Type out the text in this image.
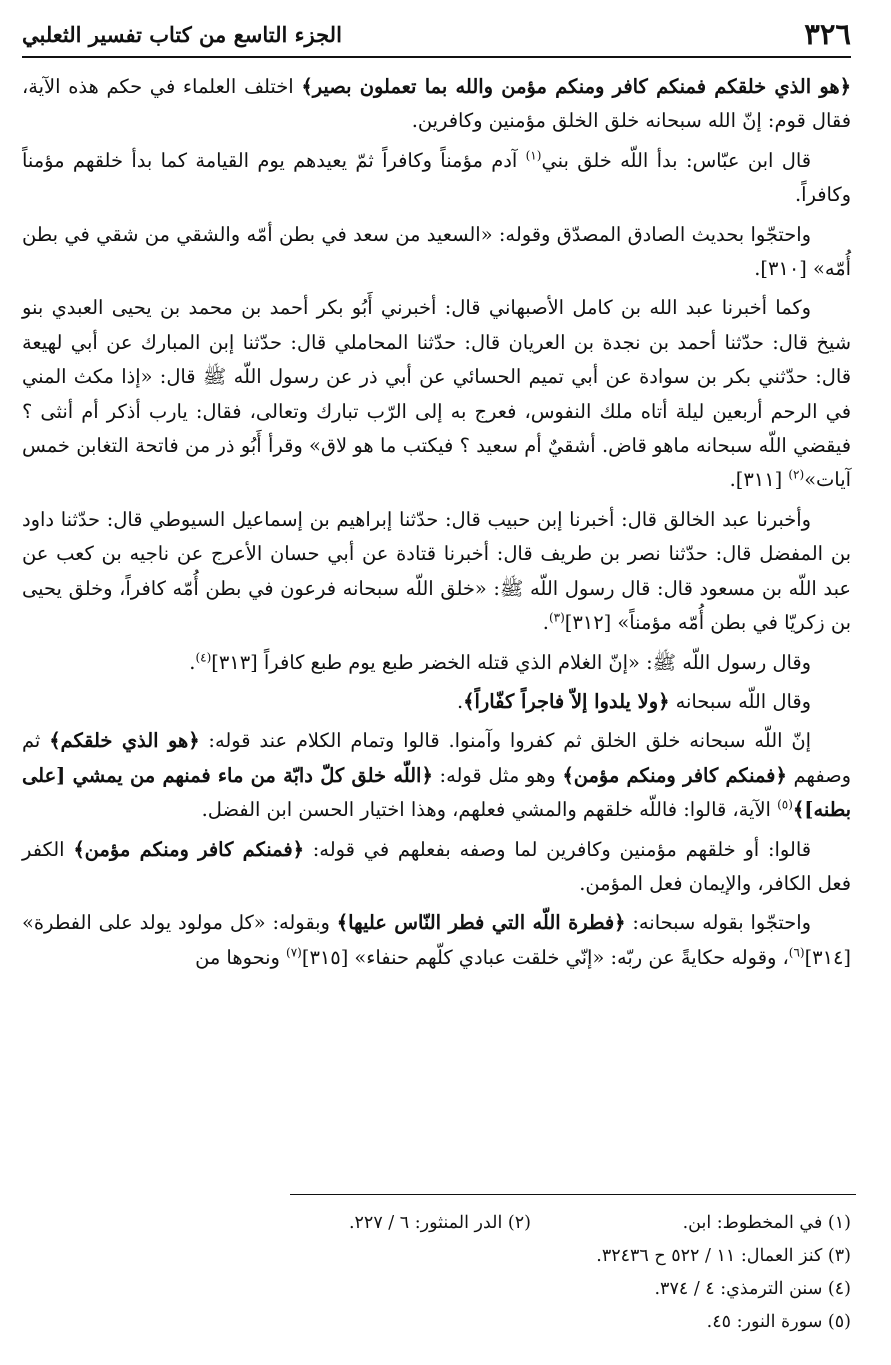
٣٢٦
الجزء التاسع من كتاب تفسير الثعلبي

﴿هو الذي خلقكم فمنكم كافر ومنكم مؤمن والله بما تعملون بصير﴾ اختلف العلماء في حكم هذه الآية، فقال قوم: إنّ الله سبحانه خلق الخلق مؤمنين وكافرين.

قال ابن عبّاس: بدأ اللّه خلق بني$^{(١)}$ آدم مؤمناً وكافراً ثمّ يعيدهم يوم القيامة كما بدأ خلقهم مؤمناً وكافراً.

واحتجّوا بحديث الصادق المصدّق وقوله: «السعيد من سعد في بطن أمّه والشقي من شقي في بطن أُمّه» [٣١٠].

وكما أخبرنا عبد الله بن كامل الأصبهاني قال: أخبرني أَبُو بكر أحمد بن محمد بن يحيى العبدي بنو شيخ قال: حدّثنا أحمد بن نجدة بن العريان قال: حدّثنا المحاملي قال: حدّثنا إبن المبارك عن أبي لهيعة قال: حدّثني بكر بن سوادة عن أبي تميم الحسائي عن أبي ذر عن رسول اللّه ﷺ قال: «إذا مكث المني في الرحم أربعين ليلة أتاه ملك النفوس، فعرج به إلى الرّب تبارك وتعالى، فقال: يارب أذكر أم أنثى ؟ فيقضي اللّه سبحانه ماهو قاض. أشقيٌ أم سعيد ؟ فيكتب ما هو لاق» وقرأ أَبُو ذر من فاتحة التغابن خمس آيات»$^{(٢)}$ [٣١١].

وأخبرنا عبد الخالق قال: أخبرنا إبن حبيب قال: حدّثنا إبراهيم بن إسماعيل السيوطي قال: حدّثنا داود بن المفضل قال: حدّثنا نصر بن طريف قال: أخبرنا قتادة عن أبي حسان الأعرج عن ناجيه بن كعب عن عبد اللّه بن مسعود قال: قال رسول اللّه ﷺ: «خلق اللّه سبحانه فرعون في بطن أُمّه كافراً، وخلق يحيى بن زكريّا في بطن أُمّه مؤمناً» [٣١٢]$^{(٣)}$.

وقال رسول اللّه ﷺ: «إنّ الغلام الذي قتله الخضر طبع يوم طبع كافراً [٣١٣]$^{(٤)}$.

وقال اللّه سبحانه ﴿ولا يلدوا إلاّ فاجراً كفّاراً﴾.

إنّ اللّه سبحانه خلق الخلق ثم كفروا وآمنوا. قالوا وتمام الكلام عند قوله: ﴿هو الذي خلقكم﴾ ثم وصفهم ﴿فمنكم كافر ومنكم مؤمن﴾ وهو مثل قوله: ﴿اللّه خلق كلّ دابّة من ماء فمنهم من يمشي [على بطنه]﴾$^{(٥)}$ الآية، قالوا: فاللّه خلقهم والمشي فعلهم، وهذا اختيار الحسن ابن الفضل.

قالوا: أو خلقهم مؤمنين وكافرين لما وصفه بفعلهم في قوله: ﴿فمنكم كافر ومنكم مؤمن﴾ الكفر فعل الكافر، والإيمان فعل المؤمن.

واحتجّوا بقوله سبحانه: ﴿فطرة اللّه التي فطر النّاس عليها﴾ وبقوله: «كل مولود يولد على الفطرة» [٣١٤]$^{(٦)}$، وقوله حكايةً عن ربّه: «إنّي خلقت عبادي كلّهم حنفاء» [٣١٥]$^{(٧)}$ ونحوها من

(١) في المخطوط: ابن.
(٢) الدر المنثور: ٦ / ٢٢٧.
(٣) كنز العمال: ١١ / ٥٢٢ ح ٣٢٤٣٦.
(٤) سنن الترمذي: ٤ / ٣٧٤.
(٥) سورة النور: ٤٥.
